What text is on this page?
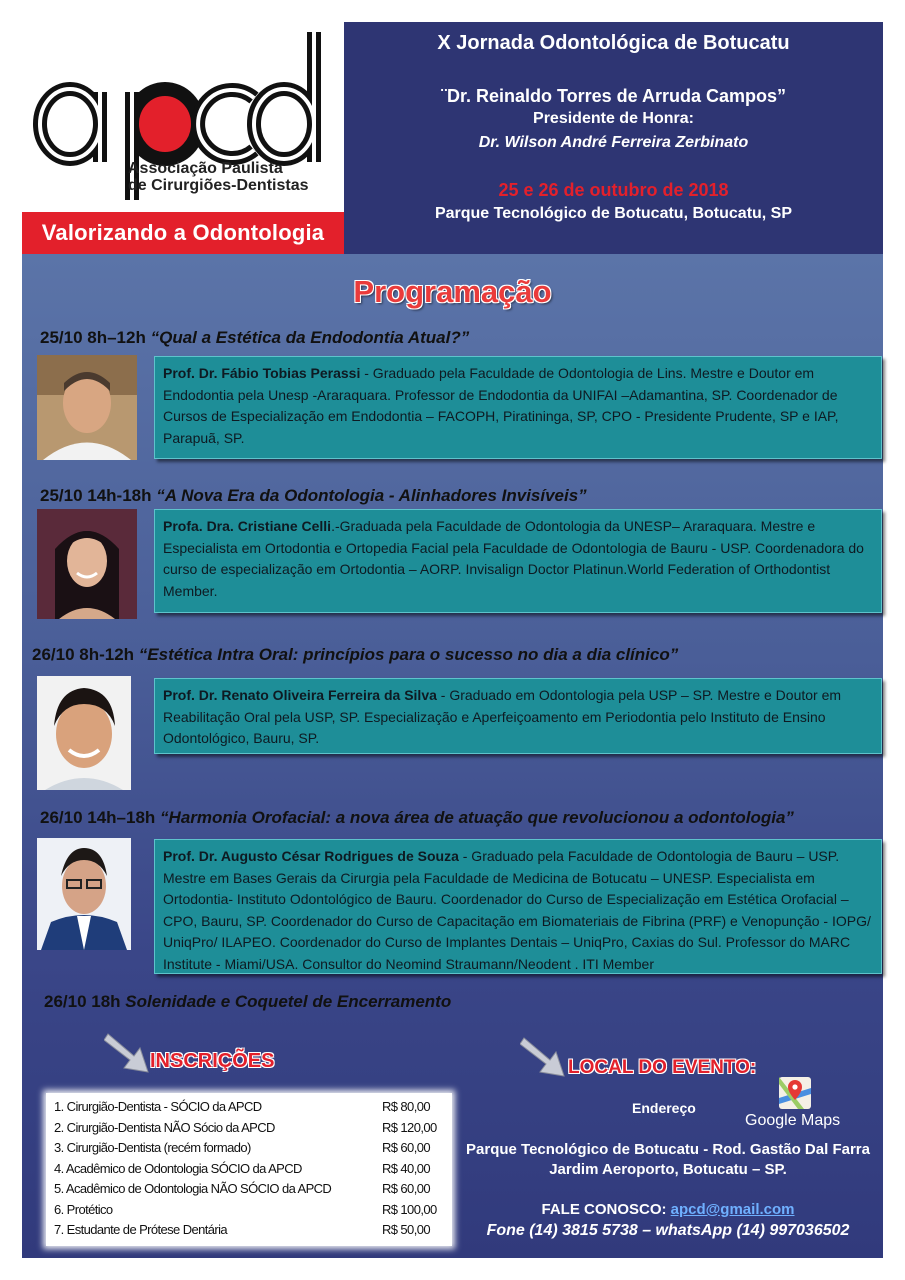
Associação Paulista
de Cirurgiões-Dentistas
Valorizando a Odontologia
X Jornada Odontológica de Botucatu
¨Dr. Reinaldo Torres de Arruda Campos”
Presidente de Honra:
Dr. Wilson André Ferreira Zerbinato
25 e 26 de outubro de 2018
Parque Tecnológico de Botucatu, Botucatu, SP
Programação
25/10 8h–12h “Qual a Estética da Endodontia Atual?”
Prof. Dr. Fábio Tobias Perassi - Graduado pela Faculdade de Odontologia de Lins. Mestre e Doutor em Endodontia pela Unesp -Araraquara. Professor de Endodontia da UNIFAI –Adamantina, SP. Coordenador de Cursos de Especialização em Endodontia – FACOPH, Piratininga, SP, CPO - Presidente Prudente, SP e IAP, Parapuã, SP.
25/10 14h-18h “A Nova Era da Odontologia - Alinhadores Invisíveis”
Profa. Dra. Cristiane Celli.-Graduada pela Faculdade de Odontologia da UNESP– Araraquara. Mestre e Especialista em Ortodontia e Ortopedia Facial pela Faculdade de Odontologia de Bauru - USP. Coordenadora do curso de especialização em Ortodontia – AORP. Invisalign Doctor Platinun.World Federation of Orthodontist Member.
26/10 8h-12h “Estética Intra Oral: princípios para o sucesso no dia a dia clínico”
Prof. Dr. Renato Oliveira Ferreira da Silva - Graduado em Odontologia pela USP – SP. Mestre e Doutor em Reabilitação Oral pela USP, SP. Especialização e Aperfeiçoamento em Periodontia pelo Instituto de Ensino Odontológico, Bauru, SP.
26/10 14h–18h “Harmonia Orofacial: a nova área de atuação que revolucionou a odontologia”
Prof. Dr. Augusto César Rodrigues de Souza - Graduado pela Faculdade de Odontologia de Bauru – USP. Mestre em Bases Gerais da Cirurgia pela Faculdade de Medicina de Botucatu – UNESP. Especialista em Ortodontia- Instituto Odontológico de Bauru. Coordenador do Curso de Especialização em Estética Orofacial – CPO, Bauru, SP. Coordenador do Curso de Capacitação em Biomateriais de Fibrina (PRF) e Venopunção - IOPG/ UniqPro/ ILAPEO. Coordenador do Curso de Implantes Dentais – UniqPro, Caxias do Sul. Professor do MARC Institute - Miami/USA. Consultor do Neomind Straumann/Neodent . ITI Member
26/10 18h Solenidade e Coquetel de Encerramento
INSCRIÇÕES
1. Cirurgião-Dentista - SÓCIO da APCD	R$ 80,00
2. Cirurgião-Dentista NÃO Sócio da APCD	R$ 120,00
3. Cirurgião-Dentista (recém formado)	R$ 60,00
4. Acadêmico de Odontologia SÓCIO da APCD	R$ 40,00
5. Acadêmico de Odontologia NÃO SÓCIO da APCD	R$ 60,00
6. Protético	R$ 100,00
7. Estudante de Prótese Dentária	R$ 50,00
LOCAL DO EVENTO:
Endereço
Google Maps
Parque Tecnológico de Botucatu - Rod. Gastão Dal Farra Jardim Aeroporto, Botucatu – SP.
FALE CONOSCO: apcd@gmail.com
Fone (14) 3815 5738 – whatsApp (14) 997036502
